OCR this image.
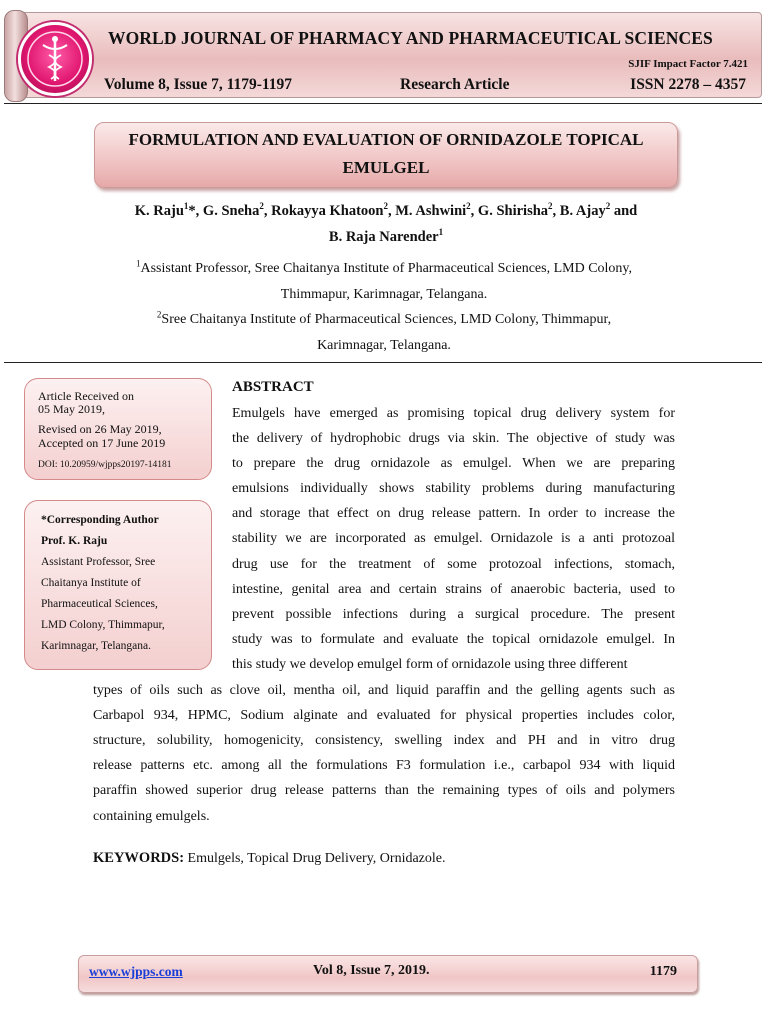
WORLD JOURNAL OF PHARMACY AND PHARMACEUTICAL SCIENCES
SJIF Impact Factor 7.421
Volume 8, Issue 7, 1179-1197	Research Article	ISSN 2278 – 4357
FORMULATION AND EVALUATION OF ORNIDAZOLE TOPICAL
EMULGEL
K. Raju$^1$*, G. Sneha$^2$, Rokayya Khatoon$^2$, M. Ashwini$^2$, G. Shirisha$^2$, B. Ajay$^2$ and
B. Raja Narender$^1$
$^1$Assistant Professor, Sree Chaitanya Institute of Pharmaceutical Sciences, LMD Colony,
Thimmapur, Karimnagar, Telangana.
$^2$Sree Chaitanya Institute of Pharmaceutical Sciences, LMD Colony, Thimmapur,
Karimnagar, Telangana.
Article Received on
05 May 2019,
Revised on 26 May 2019,
Accepted on 17 June 2019
DOI: 10.20959/wjpps20197-14181
*Corresponding Author
Prof. K. Raju
Assistant Professor, Sree
Chaitanya Institute of
Pharmaceutical Sciences,
LMD Colony, Thimmapur,
Karimnagar, Telangana.
ABSTRACT
Emulgels have emerged as promising topical drug delivery system for
the delivery of hydrophobic drugs via skin. The objective of study was
to prepare the drug ornidazole as emulgel. When we are preparing
emulsions individually shows stability problems during manufacturing
and storage that effect on drug release pattern. In order to increase the
stability we are incorporated as emulgel. Ornidazole is a anti protozoal
drug use for the treatment of some protozoal infections, stomach,
intestine, genital area and certain strains of anaerobic bacteria, used to
prevent possible infections during a surgical procedure. The present
study was to formulate and evaluate the topical ornidazole emulgel. In
this study we develop emulgel form of ornidazole using three different
types of oils such as clove oil, mentha oil, and liquid paraffin and the gelling agents such as
Carbapol 934, HPMC, Sodium alginate and evaluated for physical properties includes color,
structure, solubility, homogenicity, consistency, swelling index and PH and in vitro drug
release patterns etc. among all the formulations F3 formulation i.e., carbapol 934 with liquid
paraffin showed superior drug release patterns than the remaining types of oils and polymers
containing emulgels.
KEYWORDS: Emulgels, Topical Drug Delivery, Ornidazole.
www.wjpps.com	Vol 8, Issue 7, 2019.	1179
